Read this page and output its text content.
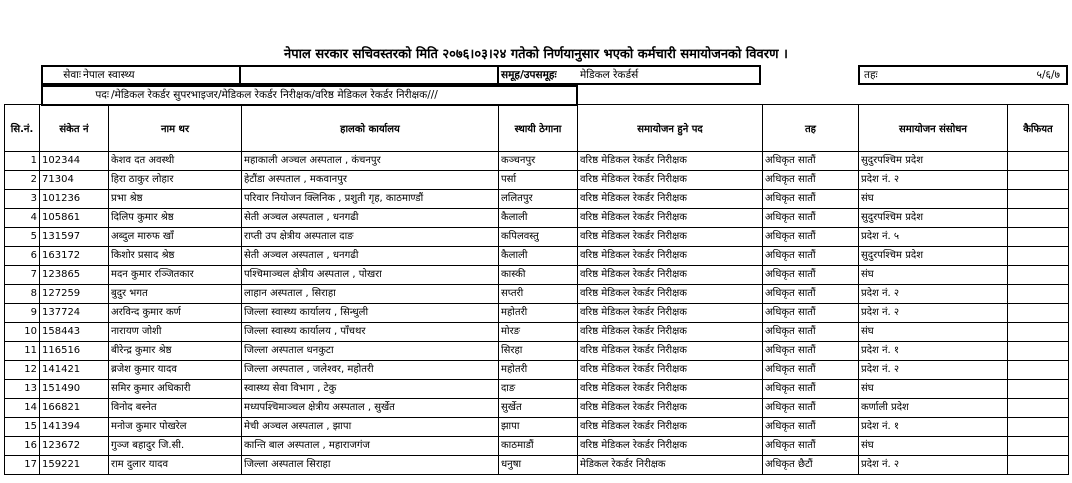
नेपाल सरकार सचिवस्तरको मिति २०७६।०३।२४ गतेको निर्णयानुसार भएको कर्मचारी समायोजनको विवरण ।
सेवाः नेपाल स्वास्थ्य	समूह/उपसमूहः मेडिकल रेकर्डर्स	तहः	५/६/७
पदः /मेडिकल रेकर्डर सुपरभाइजर/मेडिकल रेकर्डर निरीक्षक/वरिष्ठ मेडिकल रेकर्डर निरीक्षक///
सि.नं.	संकेत नं	नाम थर	हालको कार्यालय	स्थायी ठेगाना	समायोजन हुने पद	तह	समायोजन संसोधन	कैफियत
1	102344	केशव दत अवस्थी	महाकाली अञ्चल अस्पताल , कंचनपुर	कञ्चनपुर	वरिष्ठ मेडिकल रेकर्डर निरीक्षक	अधिकृत सातौं	सुदुरपश्चिम प्रदेश	
2	71304	हिरा ठाकुर लोहार	हेटौंडा अस्पताल , मकवानपुर	पर्सा	वरिष्ठ मेडिकल रेकर्डर निरीक्षक	अधिकृत सातौं	प्रदेश नं. २	
3	101236	प्रभा श्रेष्ठ	परिवार नियोजन क्लिनिक , प्रशुती गृह, काठमाण्डौं	ललितपुर	वरिष्ठ मेडिकल रेकर्डर निरीक्षक	अधिकृत सातौं	संघ	
4	105861	दिलिप कुमार श्रेष्ठ	सेती अञ्चल अस्पताल , धनगढी	कैलाली	वरिष्ठ मेडिकल रेकर्डर निरीक्षक	अधिकृत सातौं	सुदुरपश्चिम प्रदेश	
5	131597	अब्दुल मारुफ खाँ	राप्ती उप क्षेत्रीय अस्पताल दाङ	कपिलवस्तु	वरिष्ठ मेडिकल रेकर्डर निरीक्षक	अधिकृत सातौं	प्रदेश नं. ५	
6	163172	किशोर प्रसाद श्रेष्ठ	सेती अञ्चल अस्पताल , धनगढी	कैलाली	वरिष्ठ मेडिकल रेकर्डर निरीक्षक	अधिकृत सातौं	सुदुरपश्चिम प्रदेश	
7	123865	मदन कुमार रञ्जितकार	पश्चिमाञ्चल क्षेत्रीय अस्पताल , पोखरा	कास्की	वरिष्ठ मेडिकल रेकर्डर निरीक्षक	अधिकृत सातौं	संघ	
8	127259	बुदुर भगत	लाहान अस्पताल , सिराहा	सप्तरी	वरिष्ठ मेडिकल रेकर्डर निरीक्षक	अधिकृत सातौं	प्रदेश नं. २	
9	137724	अरविन्द कुमार कर्ण	जिल्ला स्वास्थ्य कार्यालय , सिन्धुली	महोतरी	वरिष्ठ मेडिकल रेकर्डर निरीक्षक	अधिकृत सातौं	प्रदेश नं. २	
10	158443	नारायण जोशी	जिल्ला स्वास्थ्य कार्यालय , पाँचथर	मोरङ	वरिष्ठ मेडिकल रेकर्डर निरीक्षक	अधिकृत सातौं	संघ	
11	116516	बीरेन्द्र कुमार श्रेष्ठ	जिल्ला अस्पताल धनकुटा	सिरहा	वरिष्ठ मेडिकल रेकर्डर निरीक्षक	अधिकृत सातौं	प्रदेश नं. १	
12	141421	ब्रजेश कुमार यादव	जिल्ला अस्पताल , जलेश्वर, महोतरी	महोतरी	वरिष्ठ मेडिकल रेकर्डर निरीक्षक	अधिकृत सातौं	प्रदेश नं. २	
13	151490	समिर कुमार अधिकारी	स्वास्थ्य सेवा विभाग , टेकु	दाङ	वरिष्ठ मेडिकल रेकर्डर निरीक्षक	अधिकृत सातौं	संघ	
14	166821	विनोद बस्नेत	मध्यपश्चिमाञ्चल क्षेत्रीय अस्पताल , सुर्खेत	सुर्खेत	वरिष्ठ मेडिकल रेकर्डर निरीक्षक	अधिकृत सातौं	कर्णाली प्रदेश	
15	141394	मनोज कुमार पोखरेल	मेची अञ्चल अस्पताल , झापा	झापा	वरिष्ठ मेडिकल रेकर्डर निरीक्षक	अधिकृत सातौं	प्रदेश नं. १	
16	123672	गुञ्ज बहादुर जि.सी.	कान्ति बाल अस्पताल , महाराजगंज	काठमाडौं	वरिष्ठ मेडिकल रेकर्डर निरीक्षक	अधिकृत सातौं	संघ	
17	159221	राम दुलार यादव	जिल्ला अस्पताल सिराहा	धनुषा	मेडिकल रेकर्डर निरीक्षक	अधिकृत छैटौं	प्रदेश नं. २	
